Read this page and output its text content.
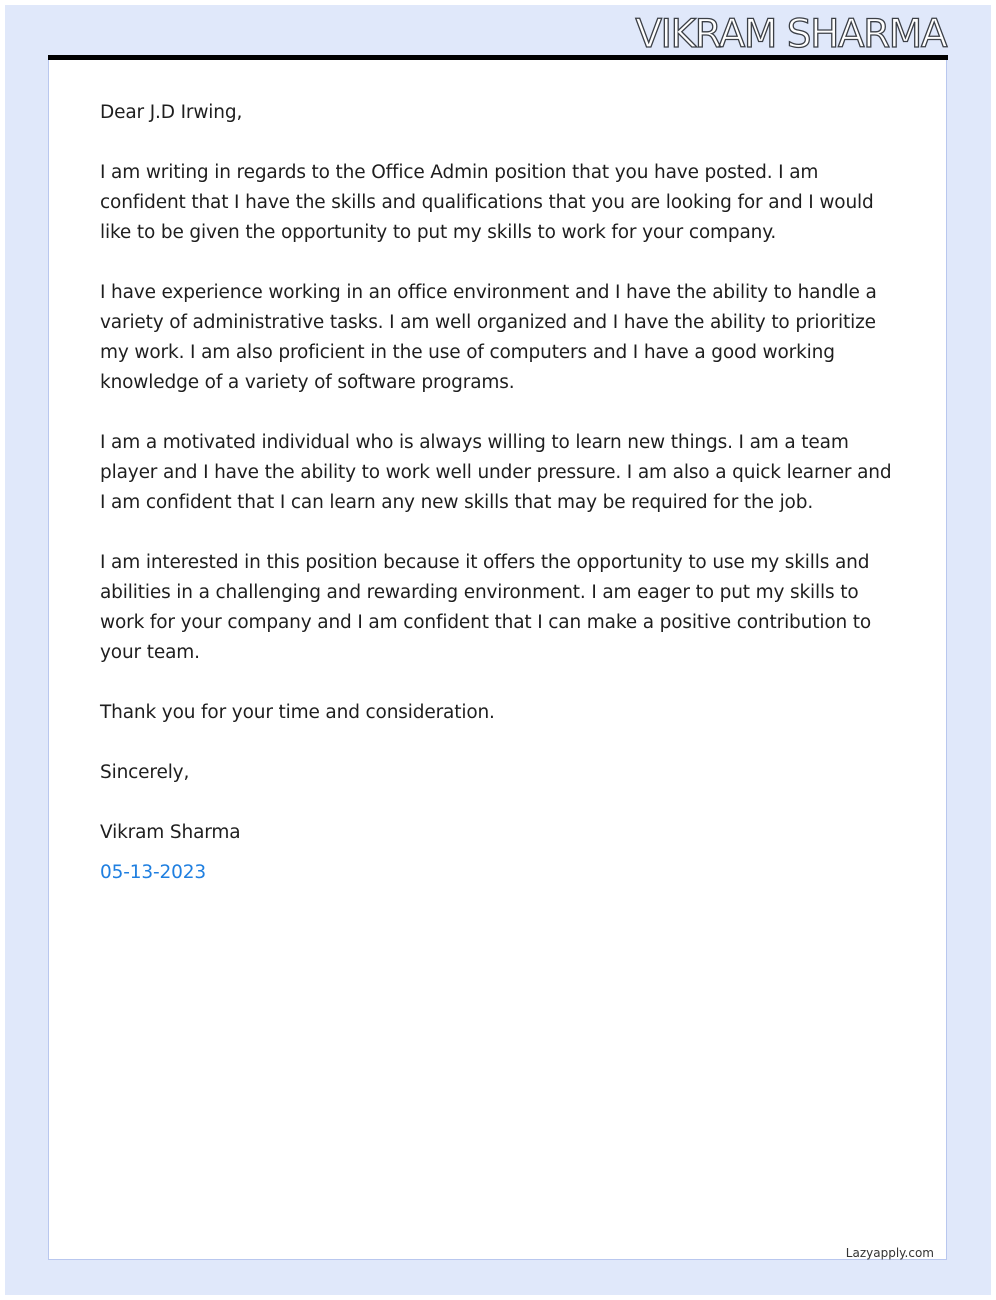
VIKRAM SHARMA

Dear J.D Irwing,

I am writing in regards to the Office Admin position that you have posted. I am confident that I have the skills and qualifications that you are looking for and I would like to be given the opportunity to put my skills to work for your company.

I have experience working in an office environment and I have the ability to handle a variety of administrative tasks. I am well organized and I have the ability to prioritize my work. I am also proficient in the use of computers and I have a good working knowledge of a variety of software programs.

I am a motivated individual who is always willing to learn new things. I am a team player and I have the ability to work well under pressure. I am also a quick learner and I am confident that I can learn any new skills that may be required for the job.

I am interested in this position because it offers the opportunity to use my skills and abilities in a challenging and rewarding environment. I am eager to put my skills to work for your company and I am confident that I can make a positive contribution to your team.

Thank you for your time and consideration.

Sincerely,

Vikram Sharma

05-13-2023

Lazyapply.com
